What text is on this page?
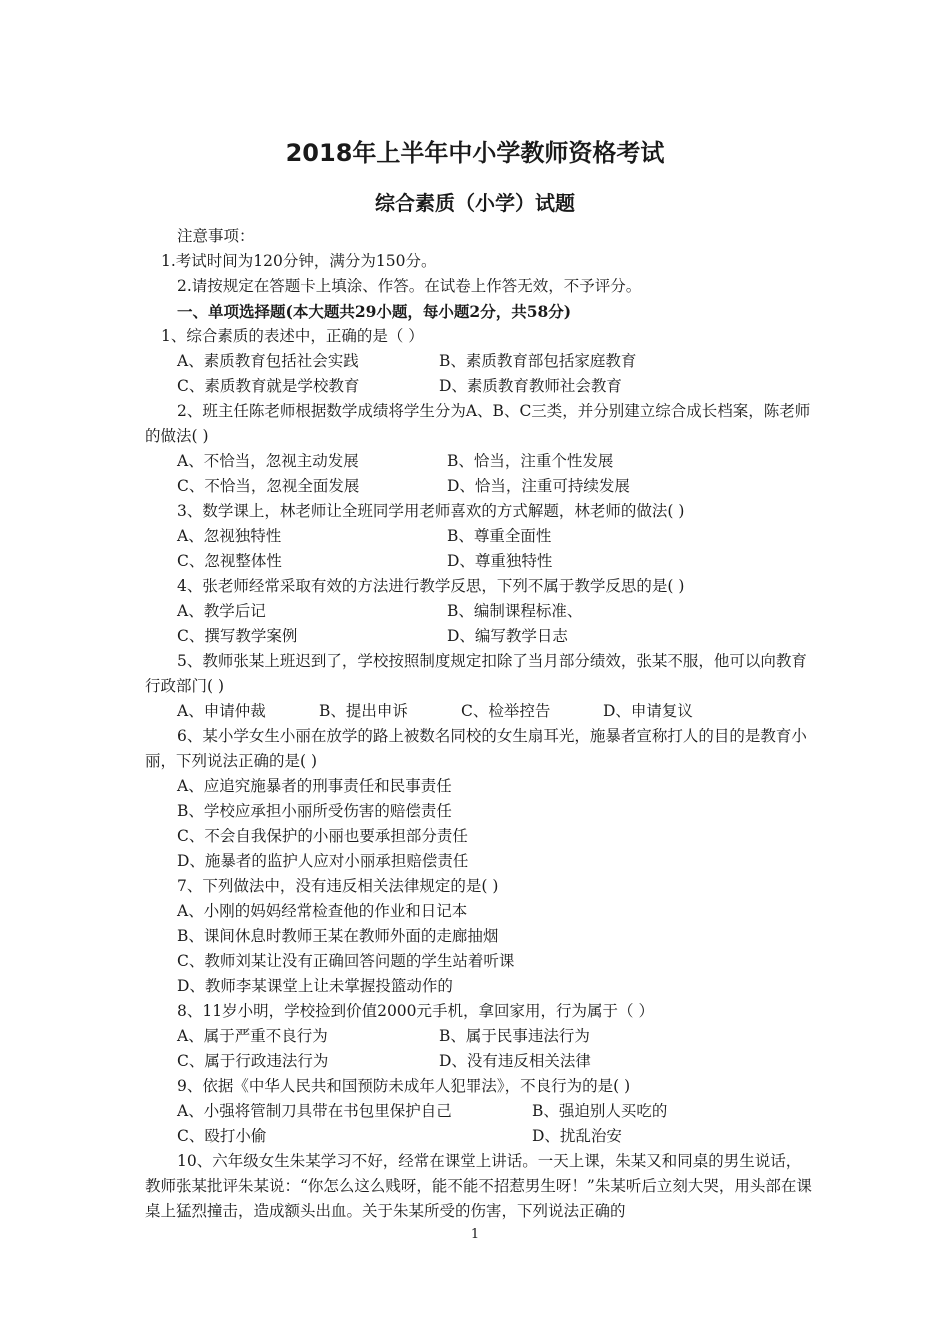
2018年上半年中小学教师资格考试
综合素质（小学）试题
注意事项：
1.考试时间为120分钟，满分为150分。
2.请按规定在答题卡上填涂、作答。在试卷上作答无效，不予评分。
一、单项选择题(本大题共29小题，每小题2分，共58分)
1、综合素质的表述中，正确的是（ ）
A、素质教育包括社会实践	B、素质教育部包括家庭教育
C、素质教育就是学校教育	D、素质教育教师社会教育
2、班主任陈老师根据数学成绩将学生分为A、B、C三类，并分别建立综合成长档案，陈老师的做法( )
A、不恰当，忽视主动发展	B、恰当，注重个性发展
C、不恰当，忽视全面发展	D、恰当，注重可持续发展
3、数学课上，林老师让全班同学用老师喜欢的方式解题，林老师的做法( )
A、忽视独特性	B、尊重全面性
C、忽视整体性	D、尊重独特性
4、张老师经常采取有效的方法进行教学反思，下列不属于教学反思的是( )
A、教学后记	B、编制课程标准、
C、撰写教学案例	D、编写教学日志
5、教师张某上班迟到了，学校按照制度规定扣除了当月部分绩效，张某不服，他可以向教育行政部门( )
A、申请仲裁	B、提出申诉	C、检举控告	D、申请复议
6、某小学女生小丽在放学的路上被数名同校的女生扇耳光，施暴者宣称打人的目的是教育小丽，下列说法正确的是( )
A、应追究施暴者的刑事责任和民事责任
B、学校应承担小丽所受伤害的赔偿责任
C、不会自我保护的小丽也要承担部分责任
D、施暴者的监护人应对小丽承担赔偿责任
7、下列做法中，没有违反相关法律规定的是( )
A、小刚的妈妈经常检查他的作业和日记本
B、课间休息时教师王某在教师外面的走廊抽烟
C、教师刘某让没有正确回答问题的学生站着听课
D、教师李某课堂上让未掌握投篮动作的
8、11岁小明，学校捡到价值2000元手机，拿回家用，行为属于（ ）
A、属于严重不良行为	B、属于民事违法行为
C、属于行政违法行为	D、没有违反相关法律
9、依据《中华人民共和国预防未成年人犯罪法》，不良行为的是( )
A、小强将管制刀具带在书包里保护自己	B、强迫别人买吃的
C、殴打小偷	D、扰乱治安
10、六年级女生朱某学习不好，经常在课堂上讲话。一天上课，朱某又和同桌的男生说话，教师张某批评朱某说：“你怎么这么贱呀，能不能不招惹男生呀！”朱某听后立刻大哭，用头部在课桌上猛烈撞击，造成额头出血。关于朱某所受的伤害，下列说法正确的
1
